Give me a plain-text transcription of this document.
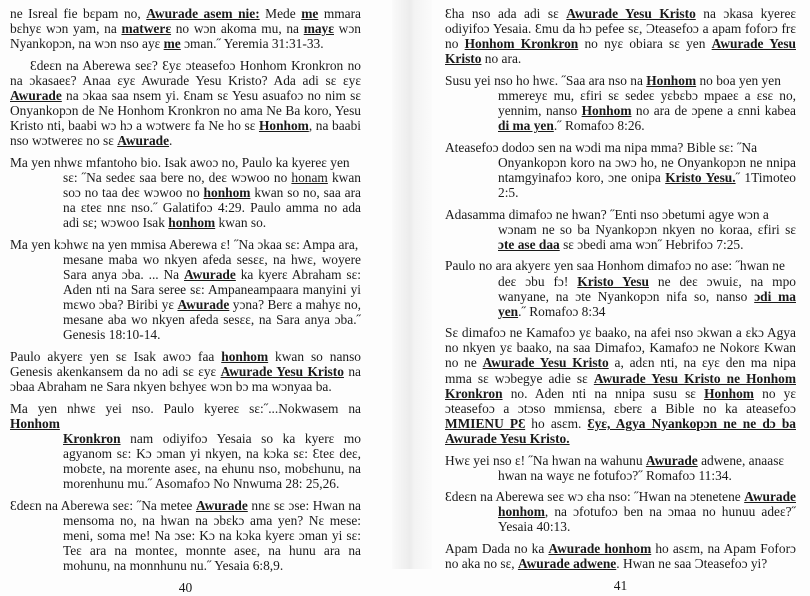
ne Isreal fie bɛpam no, Awurade asem nie: Mede me mmara bɛhyɛ wɔn yam, na matwerɛ no wɔn akoma mu, na mayɛ wɔn Nyankopɔn, na wɔn nso ayɛ me ɔman.˝ Yeremia 31:31-33.
Ɛdeɛn na Aberewa seɛ? Ɛyɛ ɔteasefoɔ Honhom Kronkron no na ɔkasaeɛ? Anaa ɛyɛ Awurade Yesu Kristo? Ada adi sɛ ɛyɛ Awurade na ɔkaa saa nsem yi. Ɛnam sɛ Yesu asuafoɔ no nim sɛ Onyankopɔn de Ne Honhom Kronkron no ama Ne Ba koro, Yesu Kristo nti, baabi wɔ hɔ a wɔtwerɛ fa Ne ho sɛ Honhom, na baabi nso wɔtwereɛ no sɛ Awurade.
Ma yen nhwɛ mfantoho bio. Isak awoɔ no, Paulo ka kyereɛ yen
sɛ: ˝Na sedeɛ saa bere no, deɛ wɔwoo no honam kwan soɔ no taa deɛ wɔwoo no honhom kwan so no, saa ara na ɛteɛ nnɛ nso.˝ Galatifoɔ 4:29. Paulo amma no ada adi sɛ; wɔwoo Isak honhom kwan so.
Ma yen kɔhwɛ na yen mmisa Aberewa ɛ! ˝Na ɔkaa sɛ: Ampa ara,
mesane maba wo nkyen afeda sesɛɛ, na hwɛ, woyere Sara anya ɔba. ... Na Awurade ka kyerɛ Abraham sɛ: Aden nti na Sara seree sɛ: Ampaneampaara manyini yi mɛwo ɔba? Biribi yɛ Awurade yɔna? Berɛ a mahyɛ no, mesane aba wo nkyen afeda sesɛɛ, na Sara anya ɔba.˝ Genesis 18:10-14.
Paulo akyerɛ yen sɛ Isak awoɔ faa honhom kwan so nanso Genesis akenkansem da no adi sɛ ɛyɛ Awurade Yesu Kristo na ɔbaa Abraham ne Sara nkyen bɛhyeɛ wɔn bɔ ma wɔnyaa ba.
Ma yen nhwɛ yei nso. Paulo kyereɛ sɛ:˝...Nokwasem na Honhom
Kronkron nam odiyifoɔ Yesaia so ka kyerɛ mo agyanom sɛ: Kɔ ɔman yi nkyen, na kɔka sɛ: Ɛteɛ deɛ, mobɛte, na morente aseɛ, na ehunu nso, mobɛhunu, na morenhunu mu.˝ Asomafoɔ No Nnwuma 28: 25,26.
Ɛdeɛn na Aberewa seɛ: ˝Na metee Awurade nnɛ sɛ ɔse: Hwan na
mensoma no, na hwan na ɔbɛkɔ ama yen? Nɛ mese: meni, soma me! Na ɔse: Kɔ na kɔka kyerɛ ɔman yi sɛ: Teɛ ara na monteɛ, monnte aseɛ, na hunu ara na mohunu, na monnhunu nu.˝ Yesaia 6:8,9.
40
Ɛha nso ada adi sɛ Awurade Yesu Kristo na ɔkasa kyereɛ odiyifoɔ Yesaia. Ɛmu da hɔ pefee sɛ, Ɔteasefoɔ a apam foforɔ frɛ no Honhom Kronkron no nyɛ obiara sɛ yen Awurade Yesu Kristo no ara.
Susu yei nso ho hwɛ. ˝Saa ara nso na Honhom no boa yen yen
mmereyɛ mu, ɛfiri sɛ sedeɛ yɛbɛbɔ mpaeɛ a ɛsɛ no, yennim, nanso Honhom no ara de ɔpene a ɛnni kabea di ma yen.˝ Romafoɔ 8:26.
Ateasefoɔ dodoɔ sen na wɔdi ma nipa mma? Bible sɛ: ˝Na
Onyankopɔn koro na ɔwɔ ho, ne Onyankopɔn ne nnipa ntamgyinafoɔ koro, ɔne onipa Kristo Yesu.˝ 1Timoteo 2:5.
Adasamma dimafoɔ ne hwan? ˝Enti nso ɔbetumi agye wɔn a
wɔnam ne so ba Nyankopɔn nkyen no koraa, ɛfiri sɛ ɔte ase daa sɛ ɔbedi ama wɔn˝ Hebrifoɔ 7:25.
Paulo no ara akyerɛ yen saa Honhom dimafoɔ no ase: ˝hwan ne
deɛ ɔbu fɔ! Kristo Yesu ne deɛ ɔwuiɛ, na mpo wanyane, na ɔte Nyankopɔn nifa so, nanso ɔdi ma yen.˝ Romafoɔ 8:34
Sɛ dimafoɔ ne Kamafoɔ yɛ baako, na afei nso ɔkwan a ɛkɔ Agya no nkyen yɛ baako, na saa Dimafoɔ, Kamafoɔ ne Nokorɛ Kwan no ne Awurade Yesu Kristo a, adɛn nti, na ɛyɛ den ma nipa mma sɛ wɔbegye adie sɛ Awurade Yesu Kristo ne Honhom Kronkron no. Aden nti na nnipa susu sɛ Honhom no yɛ ɔteasefoɔ a ɔtɔso mmiɛnsa, ɛberɛ a Bible no ka ateasefoɔ MMIENU PƐ ho asɛm. Ɛyɛ, Agya Nyankopɔn ne ne dɔ ba Awurade Yesu Kristo.
Hwɛ yei nso ɛ! ˝Na hwan na wahunu Awurade adwene, anaasɛ
hwan na wayɛ ne fotufoɔ?˝ Romafoɔ 11:34.
Ɛdeɛn na Aberewa seɛ wɔ ɛha nso: ˝Hwan na ɔtenetene Awurade
honhom, na ɔfotufoɔ ben na ɔmaa no hunuu adeɛ?˝ Yesaia 40:13.
Apam Dada no ka Awurade honhom ho asɛm, na Apam Foforɔ no aka no sɛ, Awurade adwene. Hwan ne saa Ɔteasefoɔ yi?
41
